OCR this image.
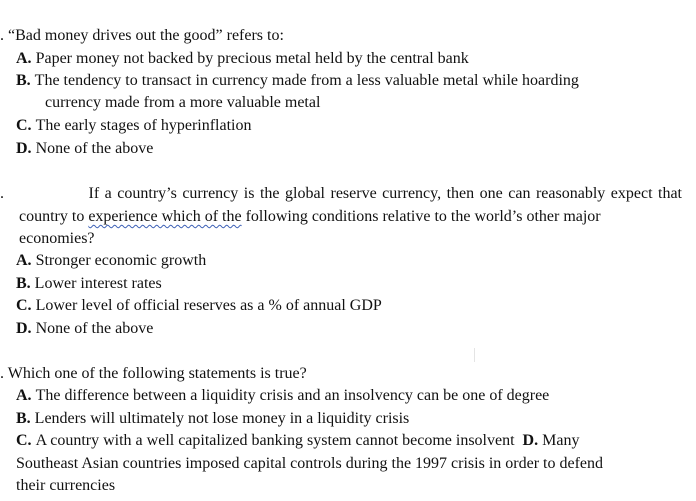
. “Bad money drives out the good” refers to:
A. Paper money not backed by precious metal held by the central bank
B. The tendency to transact in currency made from a less valuable metal while hoarding
currency made from a more valuable metal
C. The early stages of hyperinflation
D. None of the above
.	If a country’s currency is the global reserve currency, then one can reasonably expect that
country to experience which of the following conditions relative to the world’s other major
economies?
A. Stronger economic growth
B. Lower interest rates
C. Lower level of official reserves as a % of annual GDP
D. None of the above
. Which one of the following statements is true?
A. The difference between a liquidity crisis and an insolvency can be one of degree
B. Lenders will ultimately not lose money in a liquidity crisis
C. A country with a well capitalized banking system cannot become insolvent D. Many
Southeast Asian countries imposed capital controls during the 1997 crisis in order to defend
their currencies
